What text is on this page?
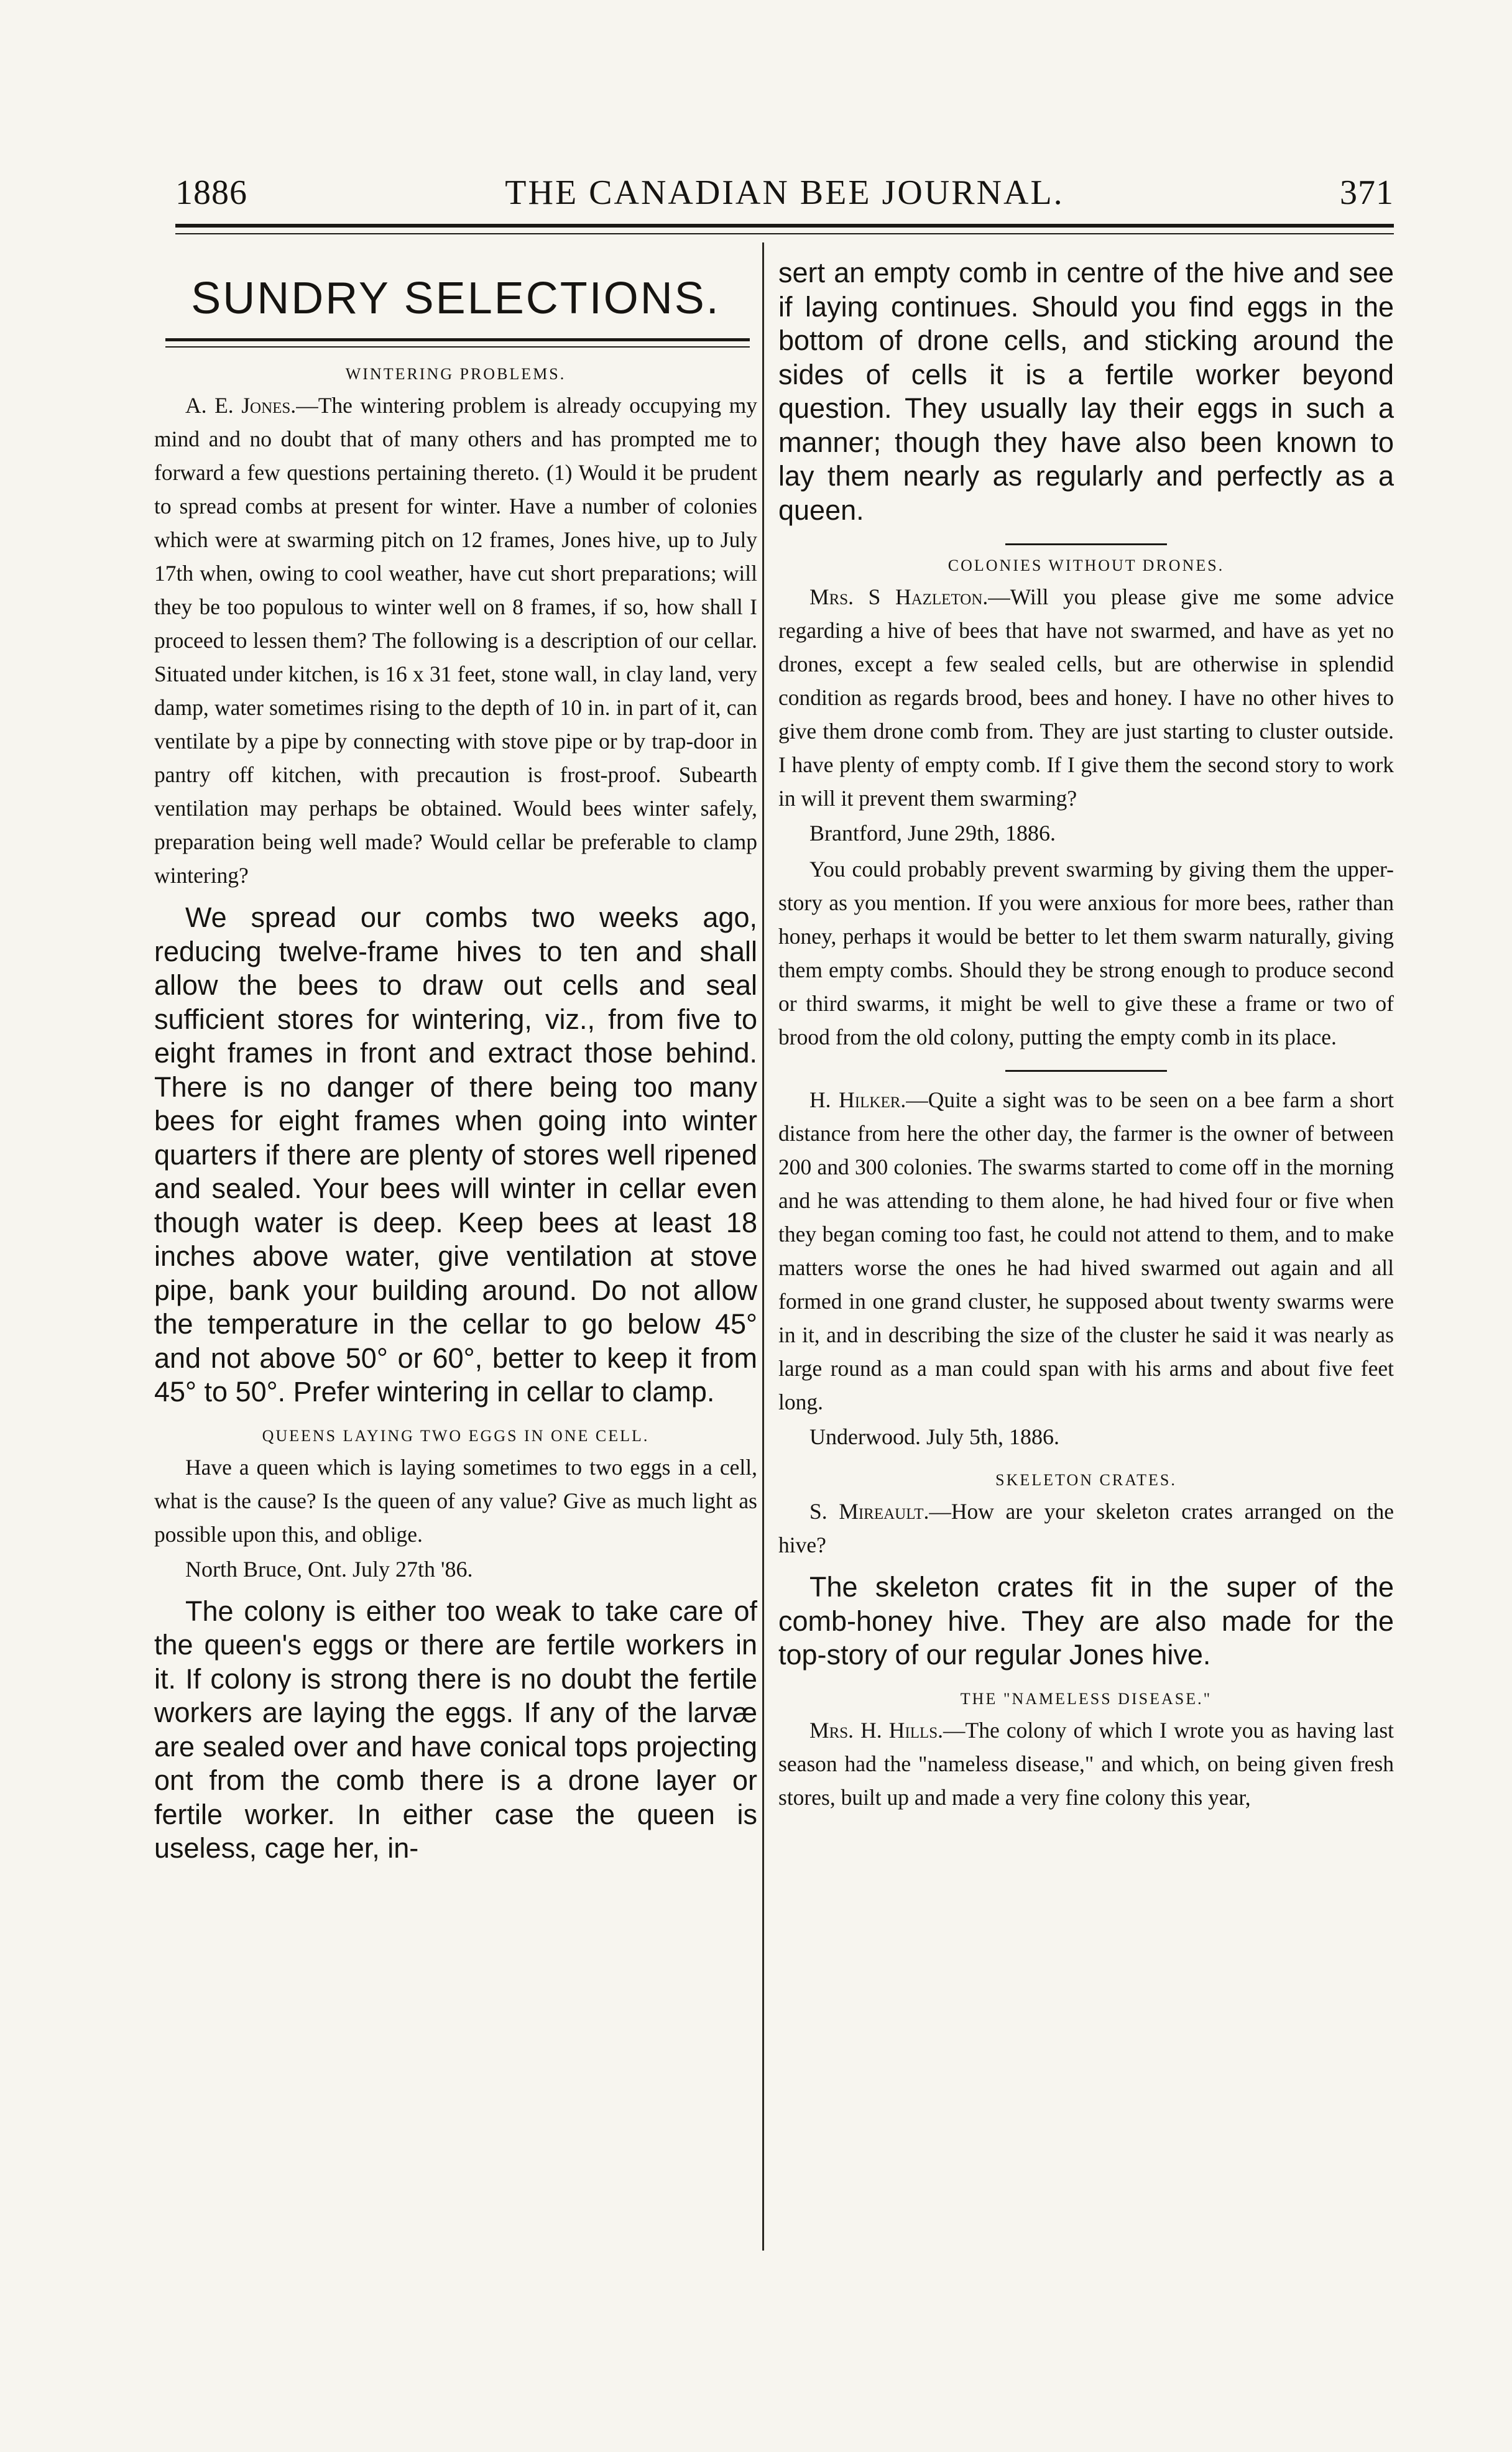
1886	THE CANADIAN BEE JOURNAL.	371
SUNDRY SELECTIONS.
WINTERING PROBLEMS.

A. E. Jones.—The wintering problem is already occupying my mind and no doubt that of many others and has prompted me to forward a few questions pertaining thereto. (1) Would it be prudent to spread combs at present for winter. Have a number of colonies which were at swarming pitch on 12 frames, Jones hive, up to July 17th when, owing to cool weather, have cut short preparations; will they be too populous to winter well on 8 frames, if so, how shall I proceed to lessen them? The following is a description of our cellar. Situated under kitchen, is 16 x 31 feet, stone wall, in clay land, very damp, water sometimes rising to the depth of 10 in. in part of it, can ventilate by a pipe by connecting with stove pipe or by trap-door in pantry off kitchen, with precaution is frost-proof. Subearth ventilation may perhaps be obtained. Would bees winter safely, preparation being well made? Would cellar be preferable to clamp wintering?

We spread our combs two weeks ago, reducing twelve-frame hives to ten and shall allow the bees to draw out cells and seal sufficient stores for wintering, viz., from five to eight frames in front and extract those behind. There is no danger of there being too many bees for eight frames when going into winter quarters if there are plenty of stores well ripened and sealed. Your bees will winter in cellar even though water is deep. Keep bees at least 18 inches above water, give ventilation at stove pipe, bank your building around. Do not allow the temperature in the cellar to go below 45° and not above 50° or 60°, better to keep it from 45° to 50°. Prefer wintering in cellar to clamp.

QUEENS LAYING TWO EGGS IN ONE CELL.

Have a queen which is laying sometimes to two eggs in a cell, what is the cause? Is the queen of any value? Give as much light as possible upon this, and oblige.

North Bruce, Ont. July 27th '86.

The colony is either too weak to take care of the queen's eggs or there are fertile workers in it. If colony is strong there is no doubt the fertile workers are laying the eggs. If any of the larvæ are sealed over and have conical tops projecting ont from the comb there is a drone layer or fertile worker. In either case the queen is useless, cage her, in-

sert an empty comb in centre of the hive and see if laying continues. Should you find eggs in the bottom of drone cells, and sticking around the sides of cells it is a fertile worker beyond question. They usually lay their eggs in such a manner; though they have also been known to lay them nearly as regularly and perfectly as a queen.

COLONIES WITHOUT DRONES.

Mrs. S Hazleton.—Will you please give me some advice regarding a hive of bees that have not swarmed, and have as yet no drones, except a few sealed cells, but are otherwise in splendid condition as regards brood, bees and honey. I have no other hives to give them drone comb from. They are just starting to cluster outside. I have plenty of empty comb. If I give them the second story to work in will it prevent them swarming?

Brantford, June 29th, 1886.

You could probably prevent swarming by giving them the upper-story as you mention. If you were anxious for more bees, rather than honey, perhaps it would be better to let them swarm naturally, giving them empty combs. Should they be strong enough to produce second or third swarms, it might be well to give these a frame or two of brood from the old colony, putting the empty comb in its place.

H. Hilker.—Quite a sight was to be seen on a bee farm a short distance from here the other day, the farmer is the owner of between 200 and 300 colonies. The swarms started to come off in the morning and he was attending to them alone, he had hived four or five when they began coming too fast, he could not attend to them, and to make matters worse the ones he had hived swarmed out again and all formed in one grand cluster, he supposed about twenty swarms were in it, and in describing the size of the cluster he said it was nearly as large round as a man could span with his arms and about five feet long.

Underwood. July 5th, 1886.
SKELETON CRATES.

S. Mireault.—How are your skeleton crates arranged on the hive?

The skeleton crates fit in the super of the comb-honey hive. They are also made for the top-story of our regular Jones hive.

THE "NAMELESS DISEASE."

Mrs. H. Hills.—The colony of which I wrote you as having last season had the "nameless disease," and which, on being given fresh stores, built up and made a very fine colony this year,
